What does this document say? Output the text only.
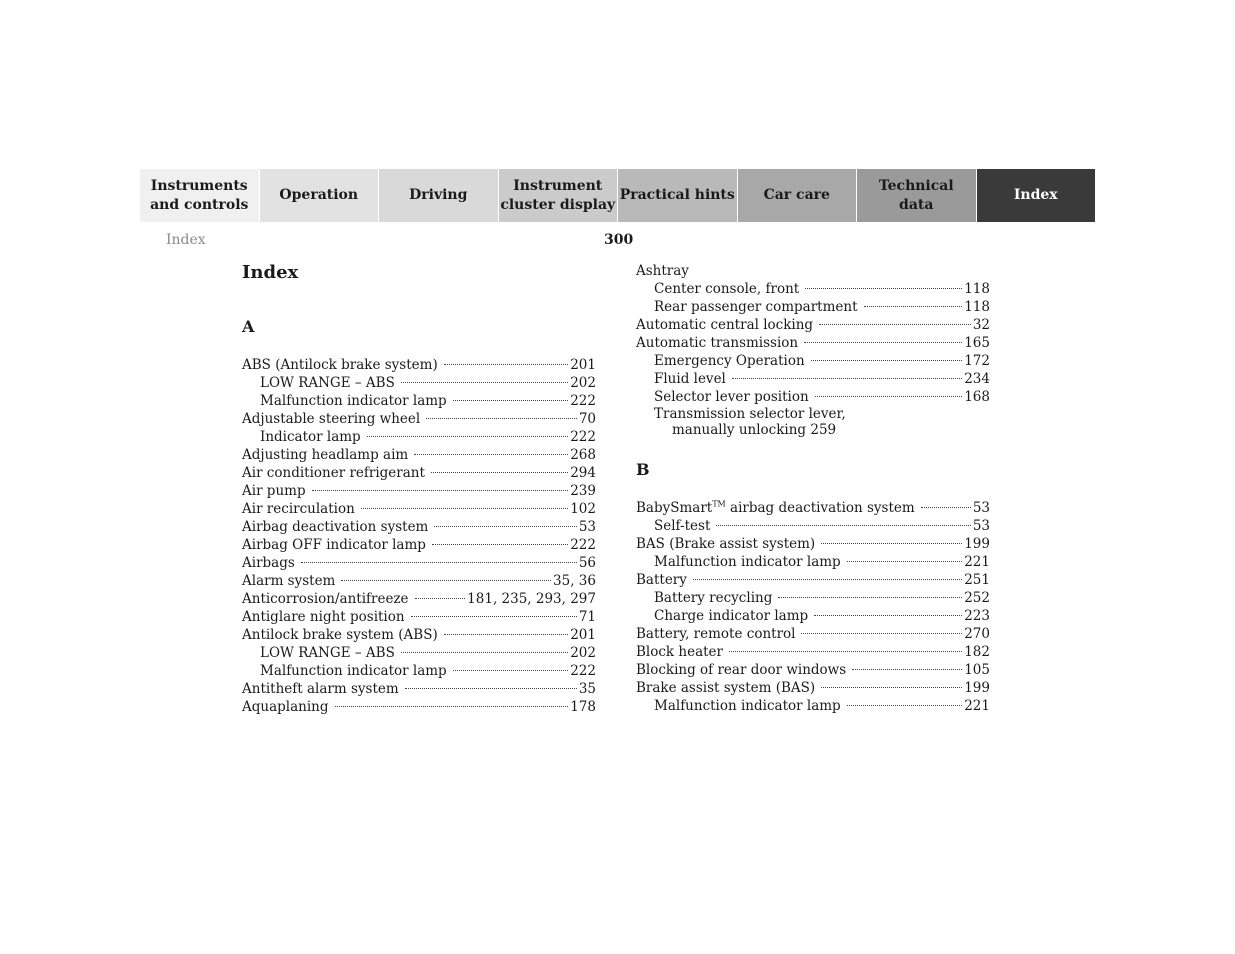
Instruments
and controls
Operation	Driving
Instrument
cluster display
Practical hints	Car care
Technical
data
Index
Index	300
Index
A
ABS (Antilock brake system)	201
LOW RANGE – ABS	202
Malfunction indicator lamp	222
Adjustable steering wheel	70
Indicator lamp	222
Adjusting headlamp aim	268
Air conditioner refrigerant	294
Air pump	239
Air recirculation	102
Airbag deactivation system	53
Airbag OFF indicator lamp	222
Airbags	56
Alarm system	35, 36
Anticorrosion/antifreeze	181, 235, 293, 297
Antiglare night position	71
Antilock brake system (ABS)	201
LOW RANGE – ABS	202
Malfunction indicator lamp	222
Antitheft alarm system	35
Aquaplaning	178
Ashtray
Center console, front	118
Rear passenger compartment	118
Automatic central locking	32
Automatic transmission	165
Emergency Operation	172
Fluid level	234
Selector lever position	168
Transmission selector lever,
manually unlocking 259
B
BabySmart™ airbag deactivation system	53
Self-test	53
BAS (Brake assist system)	199
Malfunction indicator lamp	221
Battery	251
Battery recycling	252
Charge indicator lamp	223
Battery, remote control	270
Block heater	182
Blocking of rear door windows	105
Brake assist system (BAS)	199
Malfunction indicator lamp	221
